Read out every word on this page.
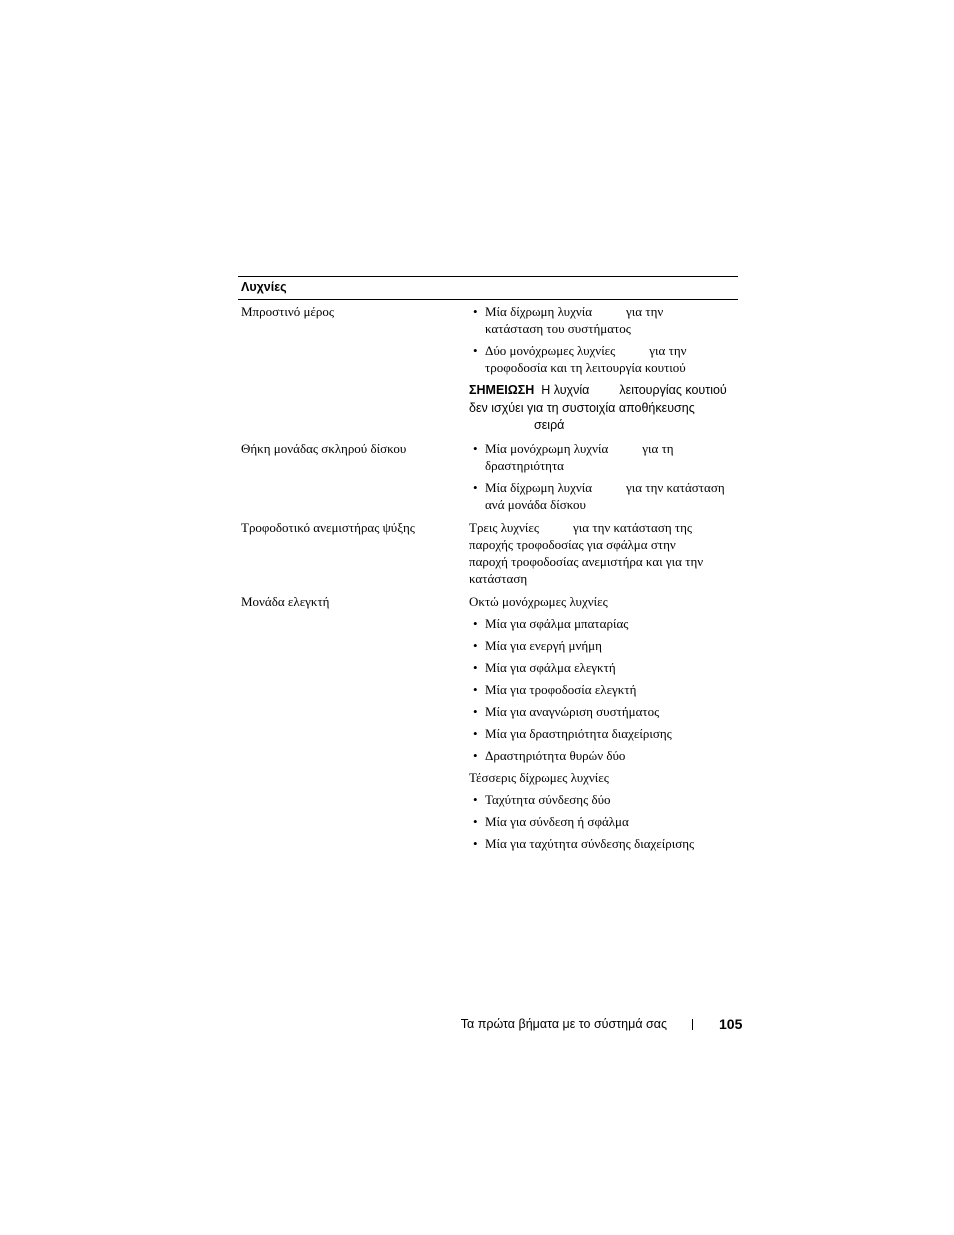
Λυχνίες
Μπροστινό μέρος	• Μία δίχρωμη λυχνία	για την
κατάσταση του συστήματος
• Δύο μονόχρωμες λυχνίες	για την
τροφοδοσία και τη λειτουργία κουτιού
ΣΗΜΕΙΩΣΗ Η λυχνία λειτουργίας κουτιού
δεν ισχύει για τη συστοιχία αποθήκευσης
σειρά
Θήκη μονάδας σκληρού δίσκου	• Μία μονόχρωμη λυχνία	για τη
δραστηριότητα
• Μία δίχρωμη λυχνία	για την κατάσταση
ανά μονάδα δίσκου
Τροφοδοτικό ανεμιστήρας ψύξης	Τρεις λυχνίες	για την κατάσταση της
παροχής τροφοδοσίας για σφάλμα στην
παροχή τροφοδοσίας ανεμιστήρα και για την
κατάσταση
Μονάδα ελεγκτή	Οκτώ μονόχρωμες λυχνίες
• Μία για σφάλμα μπαταρίας
• Μία για ενεργή μνήμη
• Μία για σφάλμα ελεγκτή
• Μία για τροφοδοσία ελεγκτή
• Μία για αναγνώριση συστήματος
• Μία για δραστηριότητα διαχείρισης
• Δραστηριότητα θυρών δύο
Τέσσερις δίχρωμες λυχνίες
• Ταχύτητα σύνδεσης δύο
• Μία για σύνδεση ή σφάλμα
• Μία για ταχύτητα σύνδεσης διαχείρισης
Τα πρώτα βήματα με το σύστημά σας	105
